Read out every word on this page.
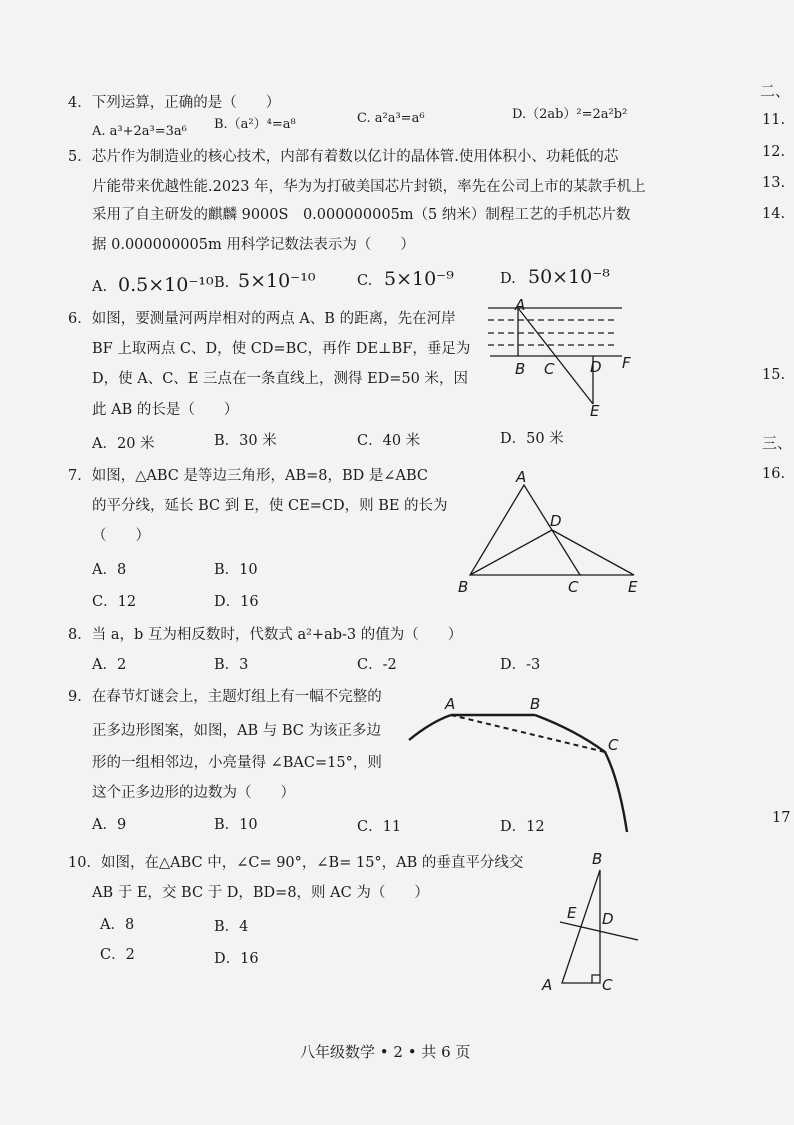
二、
11.
12.
13.
14.
15.
三、
16.
17
4．下列运算，正确的是（　　）
A. a³+2a³=3a⁶ B.（a²）⁴=a⁸	C. a²a³=a⁶	D.（2ab）²=2a²b²
5．芯片作为制造业的核心技术，内部有着数以亿计的晶体管.使用体积小、功耗低的芯
片能带来优越性能.2023 年，华为为打破美国芯片封锁，率先在公司上市的某款手机上
采用了自主研发的麒麟 9000S　0.000000005m（5 纳米）制程工艺的手机芯片数
据 0.000000005m 用科学记数法表示为（　　）
A. 0.5×10⁻¹⁰ B. 5×10⁻¹⁰	C. 5×10⁻⁹	D. 50×10⁻⁸
6．如图，要测量河两岸相对的两点 A、B 的距离，先在河岸
BF 上取两点 C、D，使 CD=BC，再作 DE⊥BF，垂足为
D，使 A、C、E 三点在一条直线上，测得 ED=50 米，因
此 AB 的长是（　　）
A．20 米	B．30 米	C．40 米	D．50 米
A
B C D F
E
7．如图，△ABC 是等边三角形，AB=8，BD 是∠ABC
的平分线，延长 BC 到 E，使 CE=CD，则 BE 的长为
（　　）
A．8	B．10
C．12	D．16
A
D
B	C	E
8．当 a，b 互为相反数时，代数式 a²+ab-3 的值为（　　）
A．2	B．3	C．-2	D．-3
9．在春节灯谜会上，主题灯组上有一幅不完整的
正多边形图案，如图，AB 与 BC 为该正多边
形的一组相邻边，小亮量得 ∠BAC=15°，则
这个正多边形的边数为（　　）
A．9	B．10	C．11	D．12
A	B
C
10．如图，在△ABC 中，∠C= 90°，∠B= 15°，AB 的垂直平分线交
AB 于 E，交 BC 于 D，BD=8，则 AC 为（　　）
A．8	B．4
C．2	D．16
B
E D
A	C
八年级数学 • 2 • 共 6 页
